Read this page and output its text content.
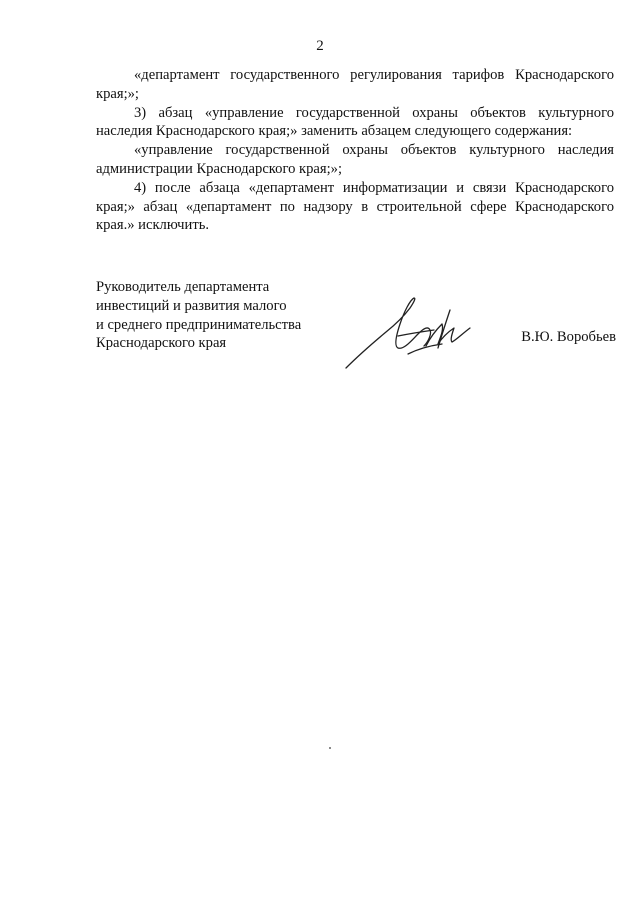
2

«департамент государственного регулирования тарифов Краснодарского края;»;

3) абзац «управление государственной охраны объектов культурного наследия Краснодарского края;» заменить абзацем следующего содержания:

«управление государственной охраны объектов культурного наследия администрации Краснодарского края;»;

4) после абзаца «департамент информатизации и связи Краснодарского края;» абзац «департамент по надзору в строительной сфере Краснодарского края.» исключить.

Руководитель департамента
инвестиций и развития малого
и среднего предпринимательства
Краснодарского края	В.Ю. Воробьев
